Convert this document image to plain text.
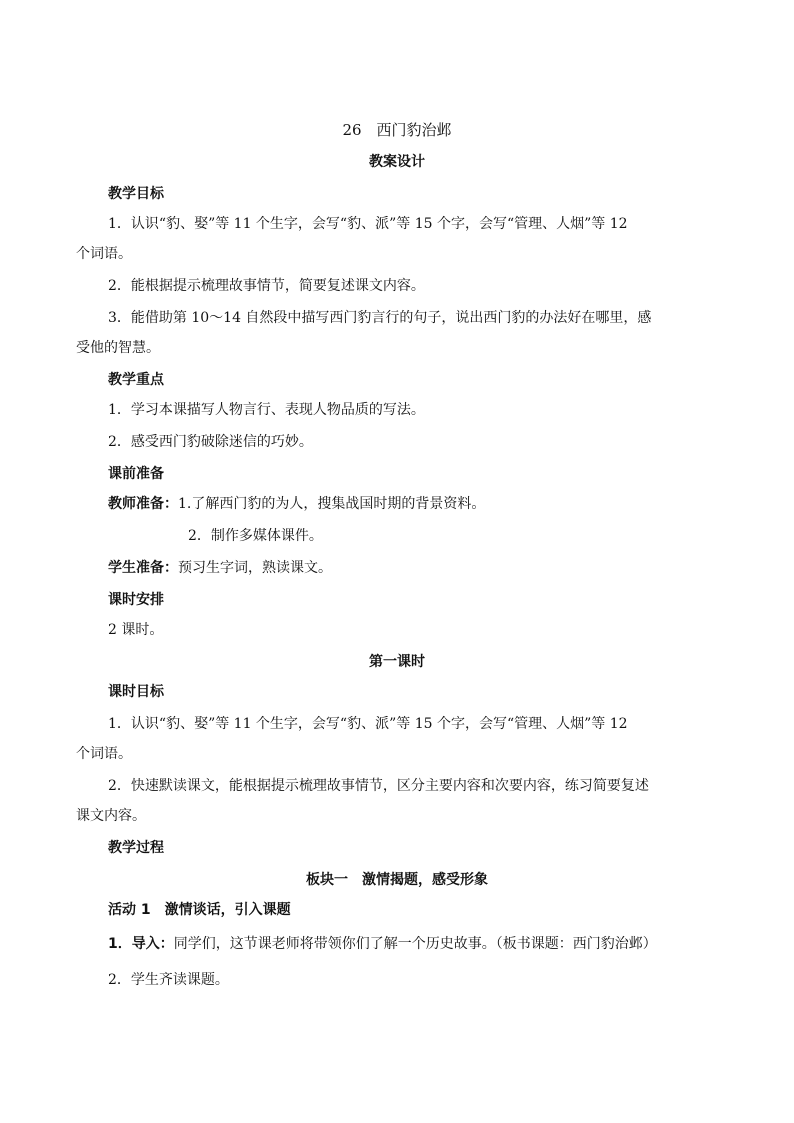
26　西门豹治邺
教案设计
教学目标
1．认识“豹、娶”等 11 个生字，会写“豹、派”等 15 个字，会写“管理、人烟”等 12
个词语。
2．能根据提示梳理故事情节，简要复述课文内容。
3．能借助第 10～14 自然段中描写西门豹言行的句子，说出西门豹的办法好在哪里，感
受他的智慧。
教学重点
1．学习本课描写人物言行、表现人物品质的写法。
2．感受西门豹破除迷信的巧妙。
课前准备
教师准备：1.了解西门豹的为人，搜集战国时期的背景资料。
2．制作多媒体课件。
学生准备：预习生字词，熟读课文。
课时安排
2 课时。
第一课时
课时目标
1．认识“豹、娶”等 11 个生字，会写“豹、派”等 15 个字，会写“管理、人烟”等 12
个词语。
2．快速默读课文，能根据提示梳理故事情节，区分主要内容和次要内容，练习简要复述
课文内容。
教学过程
板块一　激情揭题，感受形象
活动 1 激情谈话，引入课题
1．导入：同学们，这节课老师将带领你们了解一个历史故事。（板书课题：西门豹治邺）
2．学生齐读课题。
